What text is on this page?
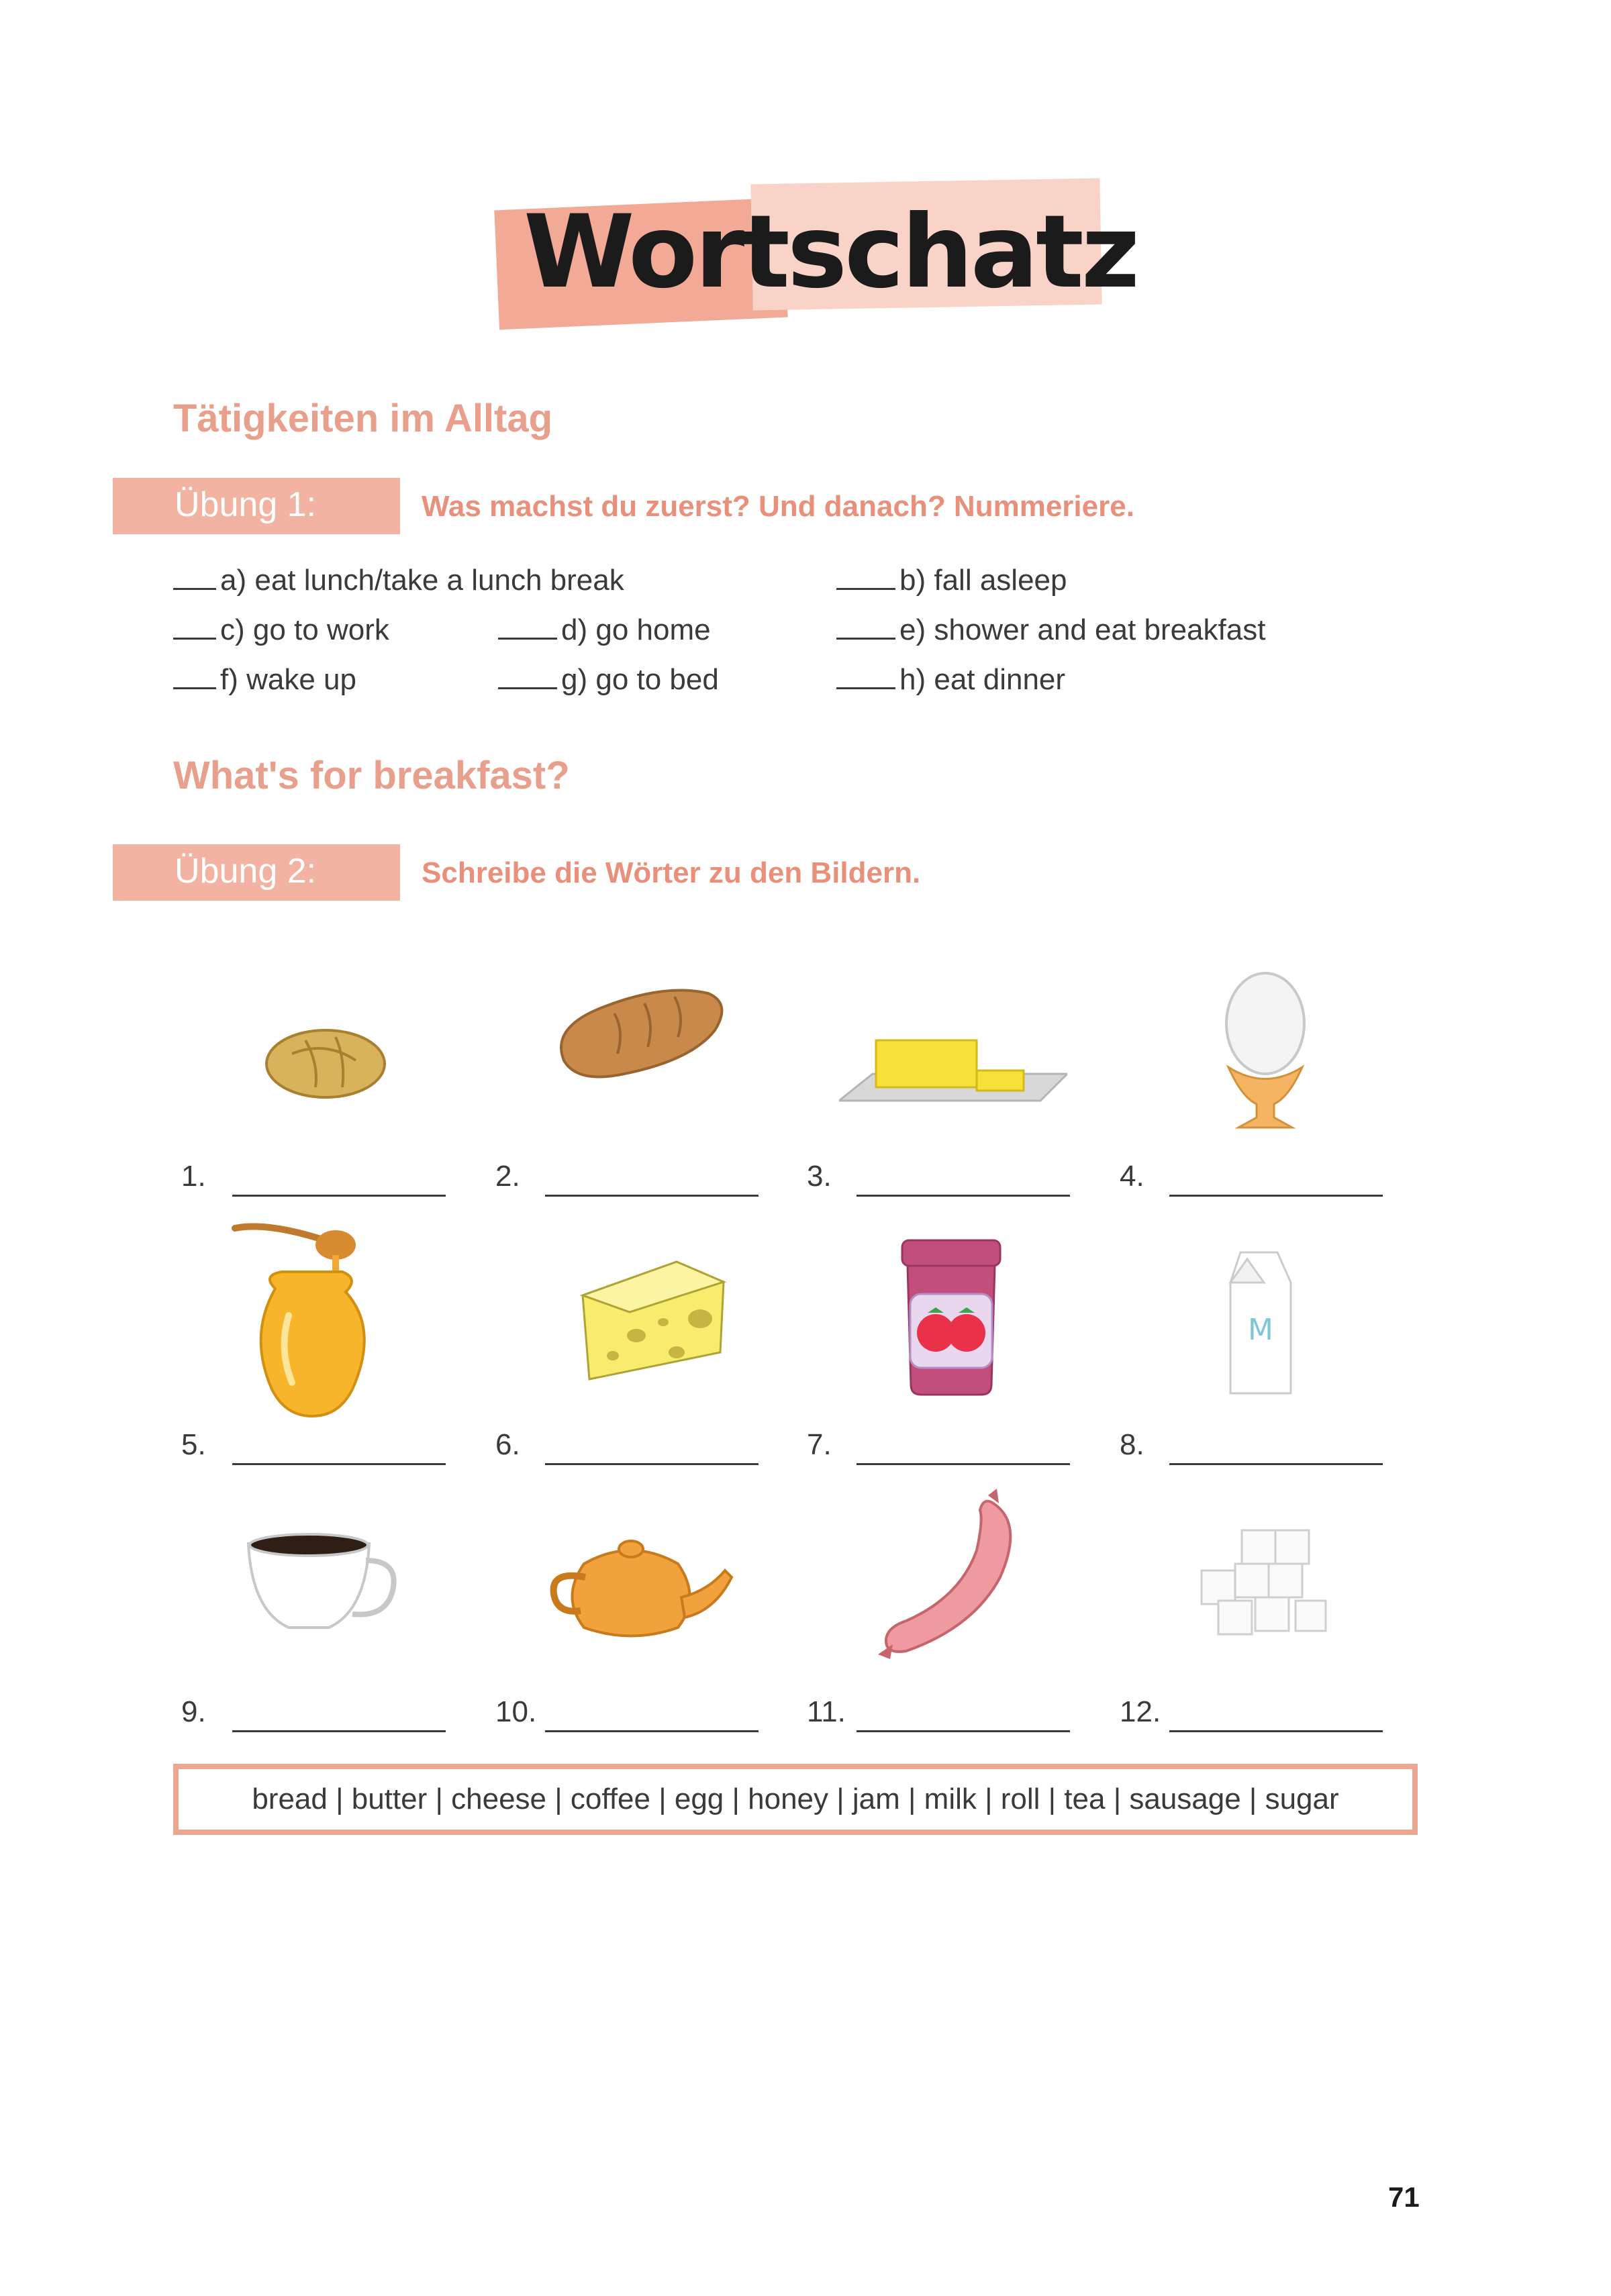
Wortschatz
Tätigkeiten im Alltag
Übung 1:	Was machst du zuerst? Und danach? Nummeriere.
a) eat lunch/take a lunch break	b) fall asleep
c) go to work	d) go home	e) shower and eat breakfast
f) wake up	g) go to bed	h) eat dinner
What's for breakfast?
Übung 2:	Schreibe die Wörter zu den Bildern.
1.	2.	3.	4.
M
5.	6.	7.	8.
9.	10.	11.	12.
bread | butter | cheese | coffee | egg | honey | jam | milk | roll | tea | sausage | sugar
71
